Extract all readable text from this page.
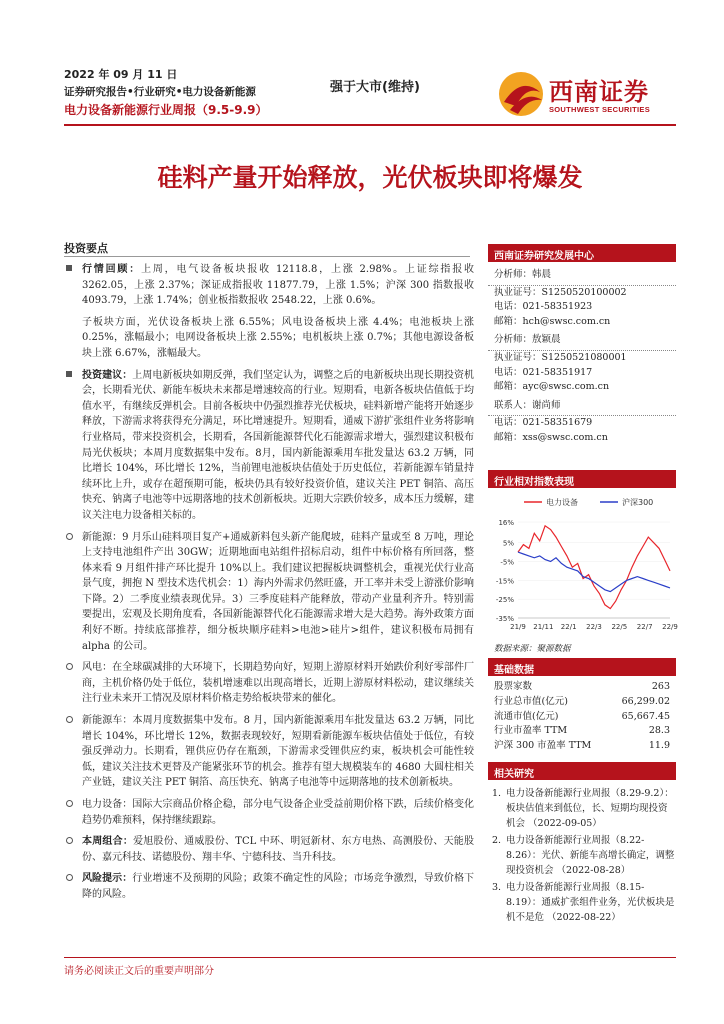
2022 年 09 月 11 日
证券研究报告•行业研究•电力设备新能源
电力设备新能源行业周报（9.5-9.9）
强于大市(维持)	西南证券
SOUTHWEST SECURITIES
硅料产量开始释放，光伏板块即将爆发
投资要点
行情回顾：上周，电气设备板块报收 12118.8，上涨 2.98%。上证综指报收 3262.05，上涨 2.37%；深证成指报收 11877.79，上涨 1.5%；沪深 300 指数报收 4093.79，上涨 1.74%；创业板指数报收 2548.22，上涨 0.6%。
子板块方面，光伏设备板块上涨 6.55%；风电设备板块上涨 4.4%；电池板块上涨 0.25%，涨幅最小；电网设备板块上涨 2.55%；电机板块上涨 0.7%；其他电源设备板块上涨 6.67%，涨幅最大。
投资建议：上周电新板块如期反弹，我们坚定认为，调整之后的电新板块出现长期投资机会，长期看光伏、新能车板块未来都是增速较高的行业。短期看，电新各板块估值低于均值水平，有继续反弹机会。目前各板块中仍强烈推荐光伏板块，硅料新增产能将开始逐步释放，下游需求将获得充分满足，环比增速提升。短期看，通威下游扩张组件业务将影响行业格局，带来投资机会，长期看，各国新能源替代化石能源需求增大，强烈建议积极布局光伏板块；本周月度数据集中发布。8月，国内新能源乘用车批发量达 63.2 万辆，同比增长 104%，环比增长 12%，当前锂电池板块估值处于历史低位，若新能源车销量持续环比上升，或存在超预期可能，板块仍具有较好投资价值，建议关注 PET 铜箔、高压快充、钠离子电池等中远期落地的技术创新板块。近期大宗跌价较多，成本压力缓解，建议关注电力设备相关标的。
新能源：9 月乐山硅料项目复产+通威新料包头新产能爬坡，硅料产量或至 8 万吨，理论上支持电池组件产出 30GW；近期地面电站组件招标启动，组件中标价格有所回落，整体来看 9 月组件排产环比提升 10%以上。我们建议把握板块调整机会，重视光伏行业高景气度，拥抱 N 型技术迭代机会：1）海内外需求仍然旺盛，开工率并未受上游涨价影响下降。2）二季度业绩表现优异。3）三季度硅料产能释放，带动产业量利齐升。特别需要提出，宏观及长期角度看，各国新能源替代化石能源需求增大是大趋势。海外政策方面利好不断。持续底部推荐，细分板块顺序硅料>电池>硅片>组件，建议积极布局拥有 alpha 的公司。
风电：在全球碳减排的大环境下，长期趋势向好，短期上游原材料开始跌价利好零部件厂商，主机价格仍处于低位，装机增速难以出现高增长，近期上游原材料松动，建议继续关注行业未来开工情况及原材料价格走势给板块带来的催化。
新能源车：本周月度数据集中发布。8 月，国内新能源乘用车批发量达 63.2 万辆，同比增长 104%，环比增长 12%，数据表现较好，短期看新能源车板块估值处于低位，有较强反弹动力。长期看，锂供应仍存在瓶颈，下游需求受锂供应约束，板块机会可能性较低，建议关注技术更替及产能紧张环节的机会。推荐有望大规模装车的 4680 大圆柱相关产业链，建议关注 PET 铜箔、高压快充、钠离子电池等中远期落地的技术创新板块。
电力设备：国际大宗商品价格企稳，部分电气设备企业受益前期价格下跌，后续价格变化趋势仍难预料，保持继续跟踪。
本周组合：爱旭股份、通威股份、TCL 中环、明冠新材、东方电热、高测股份、天能股份、嘉元科技、诺德股份、翔丰华、宁德科技、当升科技。
风险提示：行业增速不及预期的风险；政策不确定性的风险；市场竞争激烈，导致价格下降的风险。
西南证券研究发展中心
分析师：韩晨
执业证号：S1250520100002
电话：021-58351923
邮箱：hch@swsc.com.cn
分析师：敖颖晨
执业证号：S1250521080001
电话：021-58351917
邮箱：ayc@swsc.com.cn
联系人：谢尚师
电话：021-58351679
邮箱：xss@swsc.com.cn
行业相对指数表现
电力设备	沪深300
16%
5%
-5%
-15%
-25%
-35%
21/9 21/11 22/1 22/3 22/5 22/7 22/9
数据来源：聚源数据
基础数据
股票家数	263
行业总市值(亿元)	66,299.02
流通市值(亿元)	65,667.45
行业市盈率 TTM	28.3
沪深 300 市盈率 TTM	11.9
相关研究
1. 电力设备新能源行业周报（8.29-9.2）：板块估值来到低位，长、短期均现投资机会 （2022-09-05）
2. 电力设备新能源行业周报（8.22-8.26）：光伏、新能车高增长确定，调整现投资机会 （2022-08-28）
3. 电力设备新能源行业周报（8.15-8.19）：通威扩张组件业务，光伏板块是机不是危 （2022-08-22）
请务必阅读正文后的重要声明部分
